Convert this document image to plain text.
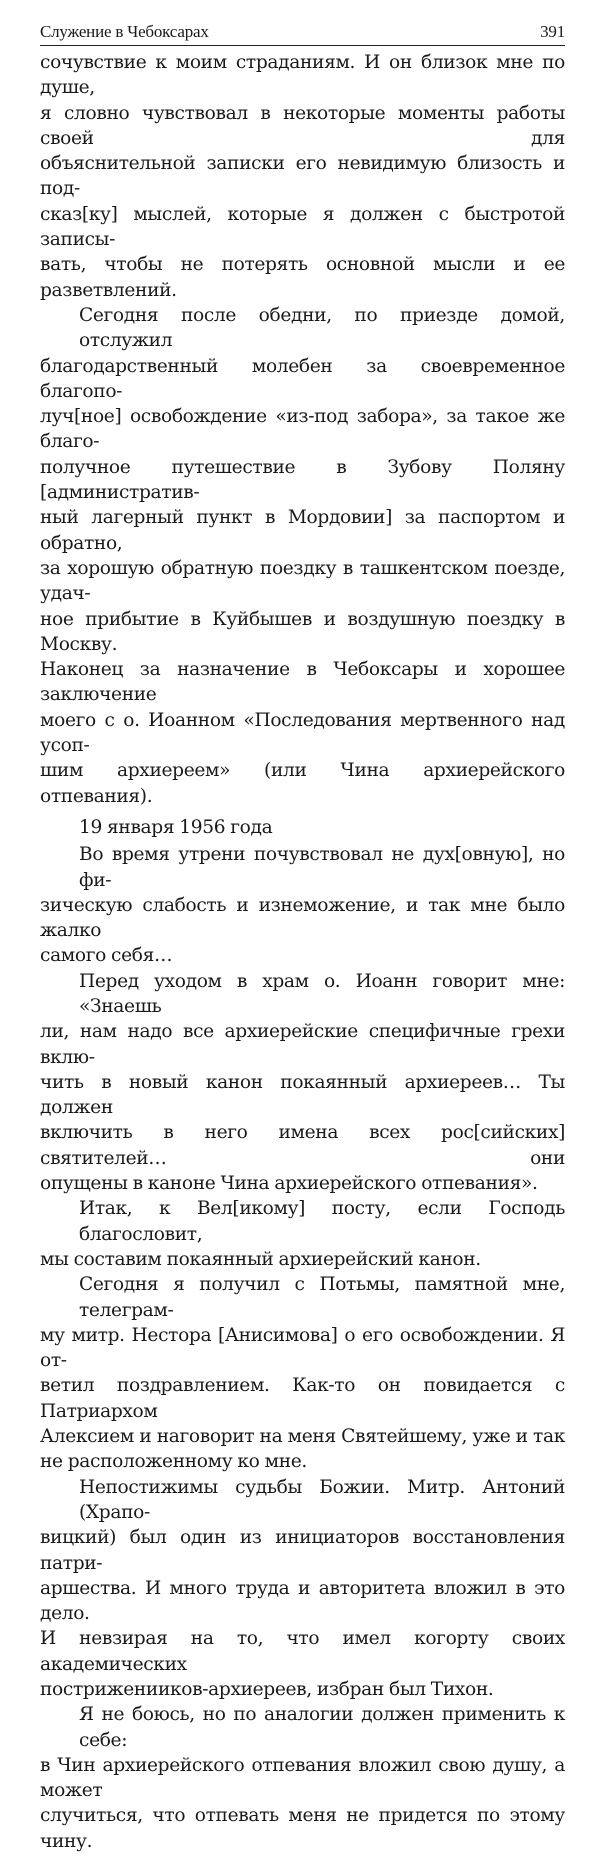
Служение в Чебоксарах	391

сочувствие к моим страданиям. И он близок мне по душе,
я словно чувствовал в некоторые моменты работы своей для
объяснительной записки его невидимую близость и под-
сказ[ку] мыслей, которые я должен с быстротой записы-
вать, чтобы не потерять основной мысли и ее разветвлений.

Сегодня после обедни, по приезде домой, отслужил
благодарственный молебен за своевременное благопо-
луч[ное] освобождение «из-под забора», за такое же благо-
получное путешествие в Зубову Поляну [административ-
ный лагерный пункт в Мордовии] за паспортом и обратно,
за хорошую обратную поездку в ташкентском поезде, удач-
ное прибытие в Куйбышев и воздушную поездку в Москву.
Наконец за назначение в Чебоксары и хорошее заключение
моего с о. Иоанном «Последования мертвенного над усоп-
шим архиереем» (или Чина архиерейского отпевания).

19 января 1956 года

Во время утрени почувствовал не дух[овную], но фи-
зическую слабость и изнеможение, и так мне было жалко
самого себя…

Перед уходом в храм о. Иоанн говорит мне: «Знаешь
ли, нам надо все архиерейские специфичные грехи вклю-
чить в новый канон покаянный архиереев… Ты должен
включить в него имена всех рос[сийских] святителей… они
опущены в каноне Чина архиерейского отпевания».

Итак, к Вел[икому] посту, если Господь благословит,
мы составим покаянный архиерейский канон.

Сегодня я получил с Потьмы, памятной мне, телеграм-
му митр. Нестора [Анисимова] о его освобождении. Я от-
ветил поздравлением. Как-то он повидается с Патриархом
Алексием и наговорит на меня Святейшему, уже и так
не расположенному ко мне.

Непостижимы судьбы Божии. Митр. Антоний (Храпо-
вицкий) был один из инициаторов восстановления патри-
аршества. И много труда и авторитета вложил в это дело.
И невзирая на то, что имел когорту своих академических
постриженииков-архиереев, избран был Тихон.

Я не боюсь, но по аналогии должен применить к себе:
в Чин архиерейского отпевания вложил свою душу, а может
случиться, что отпевать меня не придется по этому чину.
